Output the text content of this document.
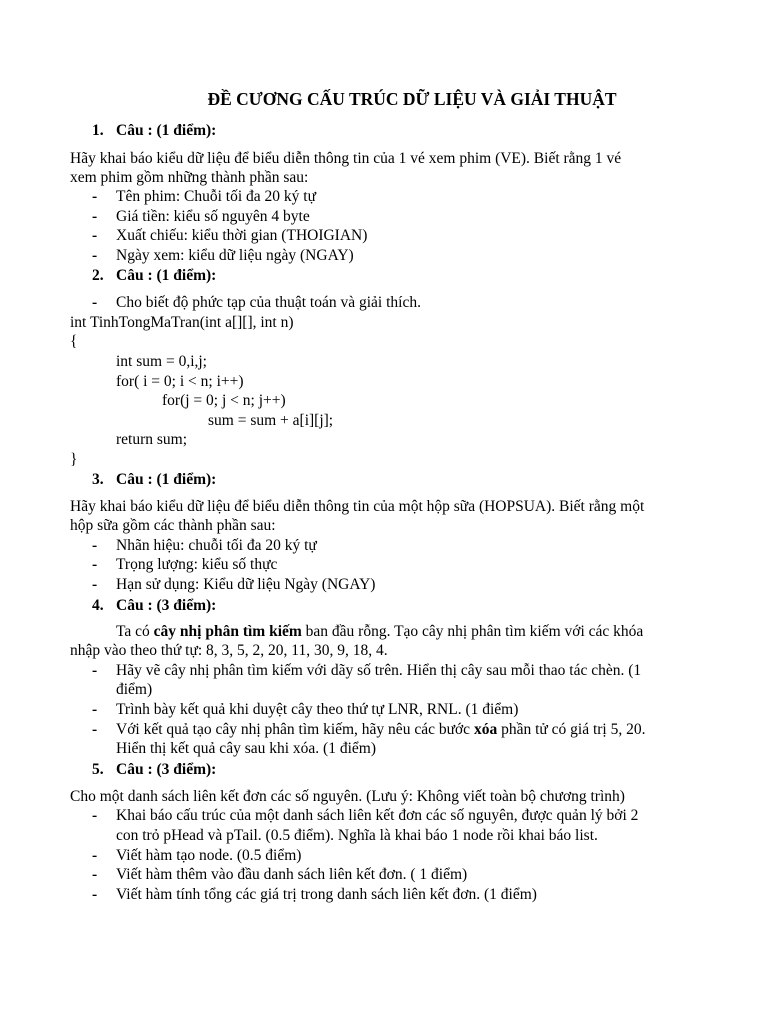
ĐỀ CƯƠNG CẤU TRÚC DỮ LIỆU VÀ GIẢI THUẬT
1. Câu : (1 điểm):
Hãy khai báo kiểu dữ liệu để biểu diễn thông tin của 1 vé xem phim (VE). Biết rằng 1 vé
xem phim gồm những thành phần sau:
- Tên phim: Chuỗi tối đa 20 ký tự
- Giá tiền: kiểu số nguyên 4 byte
- Xuất chiếu: kiểu thời gian (THOIGIAN)
- Ngày xem: kiểu dữ liệu ngày (NGAY)
2. Câu : (1 điểm):
- Cho biết độ phức tạp của thuật toán và giải thích.
int TinhTongMaTran(int a[][], int n)
{
int sum = 0,i,j;
for( i = 0; i < n; i++)
for(j = 0; j < n; j++)
sum = sum + a[i][j];
return sum;
}
3. Câu : (1 điểm):
Hãy khai báo kiểu dữ liệu để biểu diễn thông tin của một hộp sữa (HOPSUA). Biết rằng một
hộp sữa gồm các thành phần sau:
- Nhãn hiệu: chuỗi tối đa 20 ký tự
- Trọng lượng: kiểu số thực
- Hạn sử dụng: Kiểu dữ liệu Ngày (NGAY)
4. Câu : (3 điểm):
Ta có cây nhị phân tìm kiếm ban đầu rỗng. Tạo cây nhị phân tìm kiếm với các khóa
nhập vào theo thứ tự: 8, 3, 5, 2, 20, 11, 30, 9, 18, 4.
- Hãy vẽ cây nhị phân tìm kiếm với dãy số trên. Hiển thị cây sau mỗi thao tác chèn. (1
điểm)
- Trình bày kết quả khi duyệt cây theo thứ tự LNR, RNL. (1 điểm)
- Với kết quả tạo cây nhị phân tìm kiếm, hãy nêu các bước xóa phần tử có giá trị 5, 20.
Hiển thị kết quả cây sau khi xóa. (1 điểm)
5. Câu : (3 điểm):
Cho một danh sách liên kết đơn các số nguyên. (Lưu ý: Không viết toàn bộ chương trình)
- Khai báo cấu trúc của một danh sách liên kết đơn các số nguyên, được quản lý bởi 2
con trỏ pHead và pTail. (0.5 điểm). Nghĩa là khai báo 1 node rồi khai báo list.
- Viết hàm tạo node. (0.5 điểm)
- Viết hàm thêm vào đầu danh sách liên kết đơn. ( 1 điểm)
- Viết hàm tính tổng các giá trị trong danh sách liên kết đơn. (1 điểm)
